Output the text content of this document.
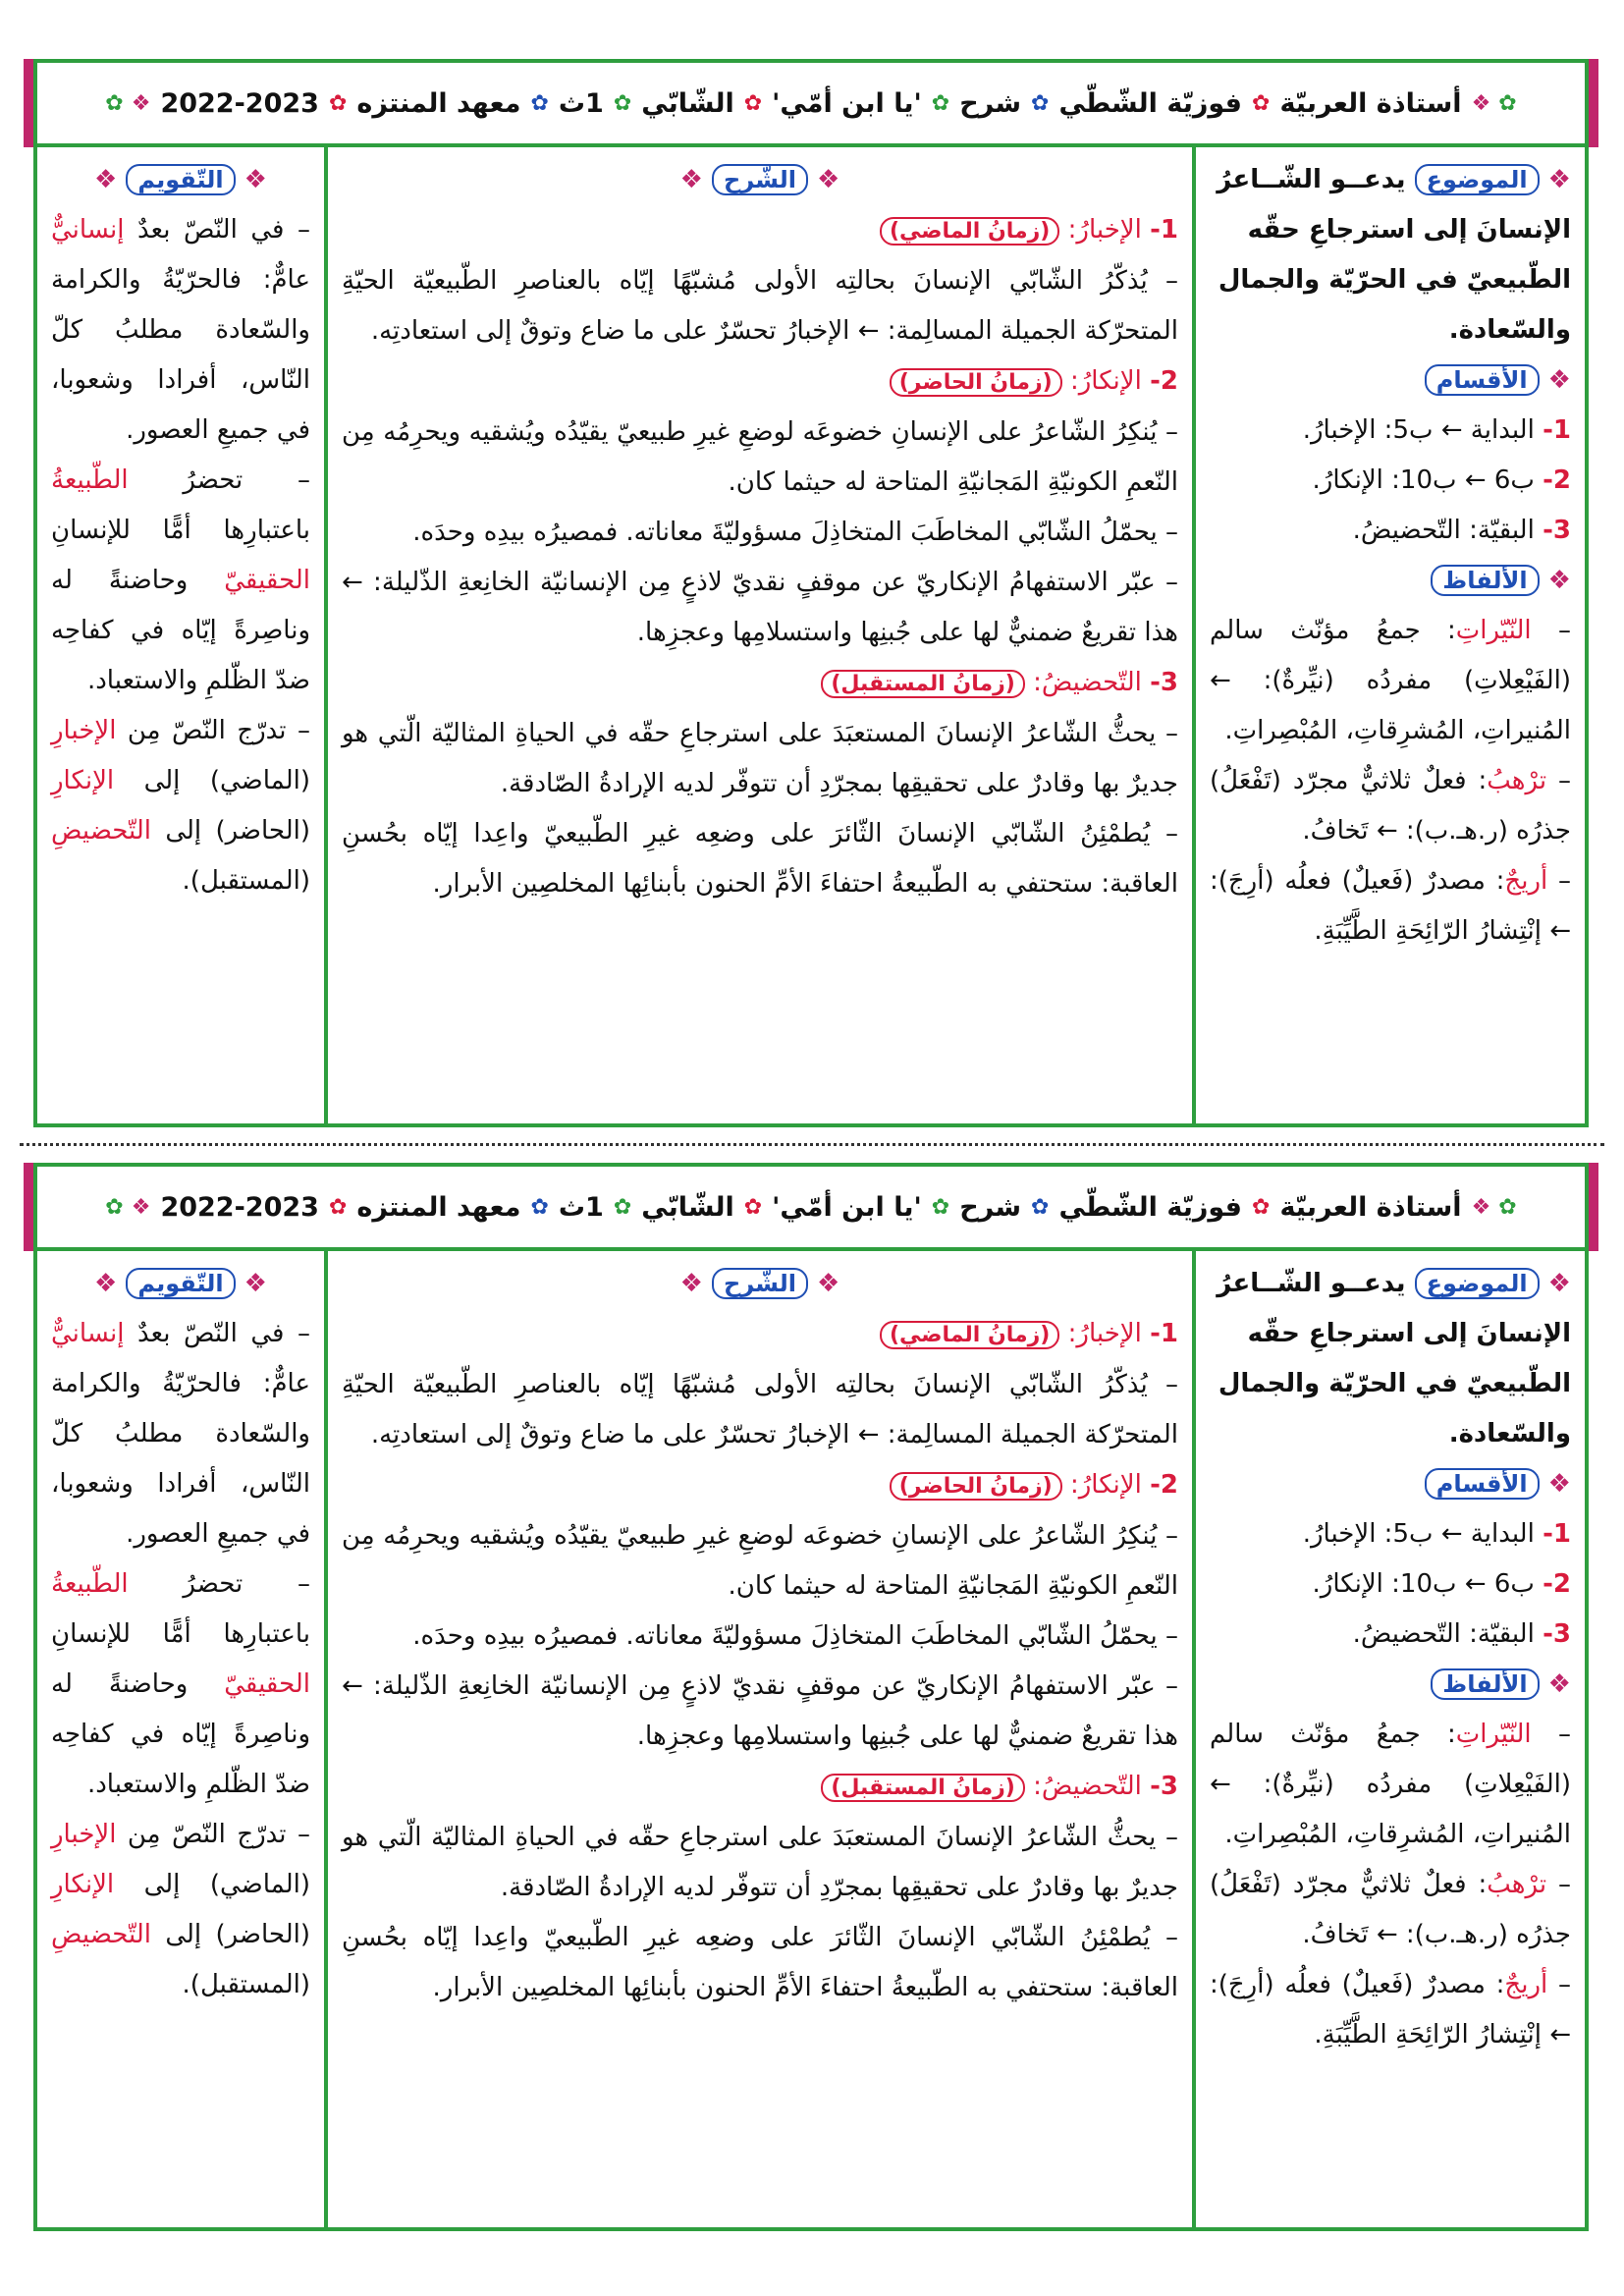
✿
❖
أستاذة العربيّة
✿
فوزيّة الشّطّي
✿
شرح
✿
'يا ابن أمّي'
✿
الشّابّي
✿
1ث
✿
معهد المنتزه
✿
2022-2023
❖
✿
❖ الموضوع يدعــو الشّــاعرُ الإنسانَ إلى استرجاعِ حقّه الطّبيعيّ في الحرّيّة والجمال والسّعادة.
❖ الأقسام
1- البداية ← ب5: الإخبارُ.
2- ب6 ← ب10: الإنكارُ.
3- البقيّة: التّحضيضُ.
❖ الألفاظ
– النّيّراتِ: جمعُ مؤنّث سالم (الفَيْعِلاتِ) مفردُه (نيِّرةٌ): ← المُنيراتِ، المُشرِقاتِ، المُبْصِراتِ.
– ترْهبُ: فعلٌ ثلاثيٌّ مجرّد (تَفْعَلُ) جذرُه (ر.هـ.ب): ← تَخافُ.
– أريجٌ: مصدرٌ (فَعيلٌ) فعلُه (أرِجَ): ← إنْتِشارُ الرّائِحَةِ الطَّيِّبَةِ.
❖ الشّرح ❖
1- الإخبارُ: (زمانُ الماضي)
– يُذكّرُ الشّابّي الإنسانَ بحالتِه الأولى مُشبّهًا إيّاه بالعناصرِ الطّبيعيّة الحيّةِ المتحرّكة الجميلة المسالِمة: ← الإخبارُ تحسّرٌ على ما ضاع وتوقٌ إلى استعادتِه.
2- الإنكارُ: (زمانُ الحاضر)
– يُنكِرُ الشّاعرُ على الإنسانِ خضوعَه لوضعِ غيرِ طبيعيّ يقيّدُه ويُشقيه ويحرِمُه مِن النّعمِ الكونيّةِ المَجانيّةِ المتاحة له حيثما كان.
– يحمّلُ الشّابّي المخاطَبَ المتخاذِلَ مسؤوليّةَ معاناته. فمصيرُه بيدِه وحدَه.
– عبّر الاستفهامُ الإنكاريّ عن موقفٍ نقديّ لاذعٍ مِن الإنسانيّة الخانِعةِ الذّليلة: ← هذا تقريعٌ ضمنيٌّ لها على جُبنِها واستسلامِها وعجزِها.
3- التّحضيضُ: (زمانُ المستقبل)
– يحثُّ الشّاعرُ الإنسانَ المستعبَدَ على استرجاعِ حقّه في الحياةِ المثاليّة الّتي هو جديرٌ بها وقادرٌ على تحقيقِها بمجرّدِ أن تتوفّر لديه الإرادةُ الصّادقة.
– يُطمْئِنُ الشّابّي الإنسانَ الثّائرَ على وضعِه غيرِ الطّبيعيّ واعِدا إيّاه بحُسنِ العاقبة: ستحتفي به الطّبيعةُ احتفاءَ الأمِّ الحنون بأبنائِها المخلصِين الأبرار.
❖ التّقويم ❖
– في النّصّ بعدٌ إنسانيٌّ عامٌّ: فالحرّيّةُ والكرامة والسّعادة مطلبُ كلّ النّاس، أفرادا وشعوبا، في جميعِ العصور.
– تحضرُ الطّبيعةُ باعتبارِها أمًّا للإنسانِ الحقيقيّ وحاضنةً له وناصِرةً إيّاه في كفاحِه ضدّ الظّلمِ والاستعباد.
– تدرّج النّصّ مِن الإخبارِ (الماضي) إلى الإنكارِ (الحاضر) إلى التّحضيضِ (المستقبل).
✿
❖
أستاذة العربيّة
✿
فوزيّة الشّطّي
✿
شرح
✿
'يا ابن أمّي'
✿
الشّابّي
✿
1ث
✿
معهد المنتزه
✿
2022-2023
❖
✿
❖ الموضوع يدعــو الشّــاعرُ الإنسانَ إلى استرجاعِ حقّه الطّبيعيّ في الحرّيّة والجمال والسّعادة.
❖ الأقسام
1- البداية ← ب5: الإخبارُ.
2- ب6 ← ب10: الإنكارُ.
3- البقيّة: التّحضيضُ.
❖ الألفاظ
– النّيّراتِ: جمعُ مؤنّث سالم (الفَيْعِلاتِ) مفردُه (نيِّرةٌ): ← المُنيراتِ، المُشرِقاتِ، المُبْصِراتِ.
– ترْهبُ: فعلٌ ثلاثيٌّ مجرّد (تَفْعَلُ) جذرُه (ر.هـ.ب): ← تَخافُ.
– أريجٌ: مصدرٌ (فَعيلٌ) فعلُه (أرِجَ): ← إنْتِشارُ الرّائِحَةِ الطَّيِّبَةِ.
❖ الشّرح ❖
1- الإخبارُ: (زمانُ الماضي)
– يُذكّرُ الشّابّي الإنسانَ بحالتِه الأولى مُشبّهًا إيّاه بالعناصرِ الطّبيعيّة الحيّةِ المتحرّكة الجميلة المسالِمة: ← الإخبارُ تحسّرٌ على ما ضاع وتوقٌ إلى استعادتِه.
2- الإنكارُ: (زمانُ الحاضر)
– يُنكِرُ الشّاعرُ على الإنسانِ خضوعَه لوضعِ غيرِ طبيعيّ يقيّدُه ويُشقيه ويحرِمُه مِن النّعمِ الكونيّةِ المَجانيّةِ المتاحة له حيثما كان.
– يحمّلُ الشّابّي المخاطَبَ المتخاذِلَ مسؤوليّةَ معاناته. فمصيرُه بيدِه وحدَه.
– عبّر الاستفهامُ الإنكاريّ عن موقفٍ نقديّ لاذعٍ مِن الإنسانيّة الخانِعةِ الذّليلة: ← هذا تقريعٌ ضمنيٌّ لها على جُبنِها واستسلامِها وعجزِها.
3- التّحضيضُ: (زمانُ المستقبل)
– يحثُّ الشّاعرُ الإنسانَ المستعبَدَ على استرجاعِ حقّه في الحياةِ المثاليّة الّتي هو جديرٌ بها وقادرٌ على تحقيقِها بمجرّدِ أن تتوفّر لديه الإرادةُ الصّادقة.
– يُطمْئِنُ الشّابّي الإنسانَ الثّائرَ على وضعِه غيرِ الطّبيعيّ واعِدا إيّاه بحُسنِ العاقبة: ستحتفي به الطّبيعةُ احتفاءَ الأمِّ الحنون بأبنائِها المخلصِين الأبرار.
❖ التّقويم ❖
– في النّصّ بعدٌ إنسانيٌّ عامٌّ: فالحرّيّةُ والكرامة والسّعادة مطلبُ كلّ النّاس، أفرادا وشعوبا، في جميعِ العصور.
– تحضرُ الطّبيعةُ باعتبارِها أمًّا للإنسانِ الحقيقيّ وحاضنةً له وناصِرةً إيّاه في كفاحِه ضدّ الظّلمِ والاستعباد.
– تدرّج النّصّ مِن الإخبارِ (الماضي) إلى الإنكارِ (الحاضر) إلى التّحضيضِ (المستقبل).
